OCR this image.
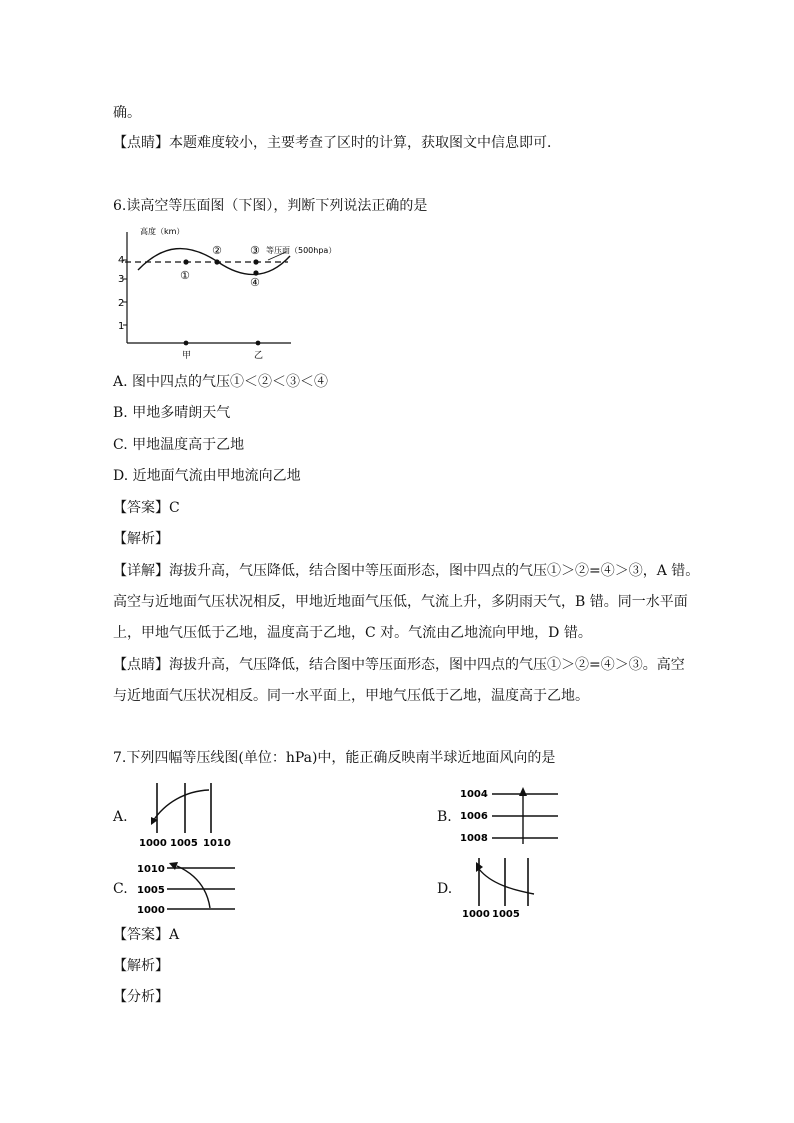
确。
【点睛】本题难度较小，主要考查了区时的计算，获取图文中信息即可．
6.读高空等压面图（下图），判断下列说法正确的是
高度（km）
4
3
2
1
等压面（500hpa）
①
②	③
④
甲	乙
A. 图中四点的气压①＜②＜③＜④
B. 甲地多晴朗天气
C. 甲地温度高于乙地
D. 近地面气流由甲地流向乙地
【答案】C
【解析】
【详解】海拔升高，气压降低，结合图中等压面形态，图中四点的气压①＞②=④＞③，A 错。
高空与近地面气压状况相反，甲地近地面气压低，气流上升，多阴雨天气，B 错。同一水平面
上，甲地气压低于乙地，温度高于乙地，C 对。气流由乙地流向甲地，D 错。
【点睛】海拔升高，气压降低，结合图中等压面形态，图中四点的气压①＞②=④＞③。高空
与近地面气压状况相反。同一水平面上，甲地气压低于乙地，温度高于乙地。
7.下列四幅等压线图(单位：hPa)中，能正确反映南半球近地面风向的是
A.
1000 1005 1010
B.
1004
1006
1008
C.
1010
1005
1000
D.
1000 1005
【答案】A
【解析】
【分析】
